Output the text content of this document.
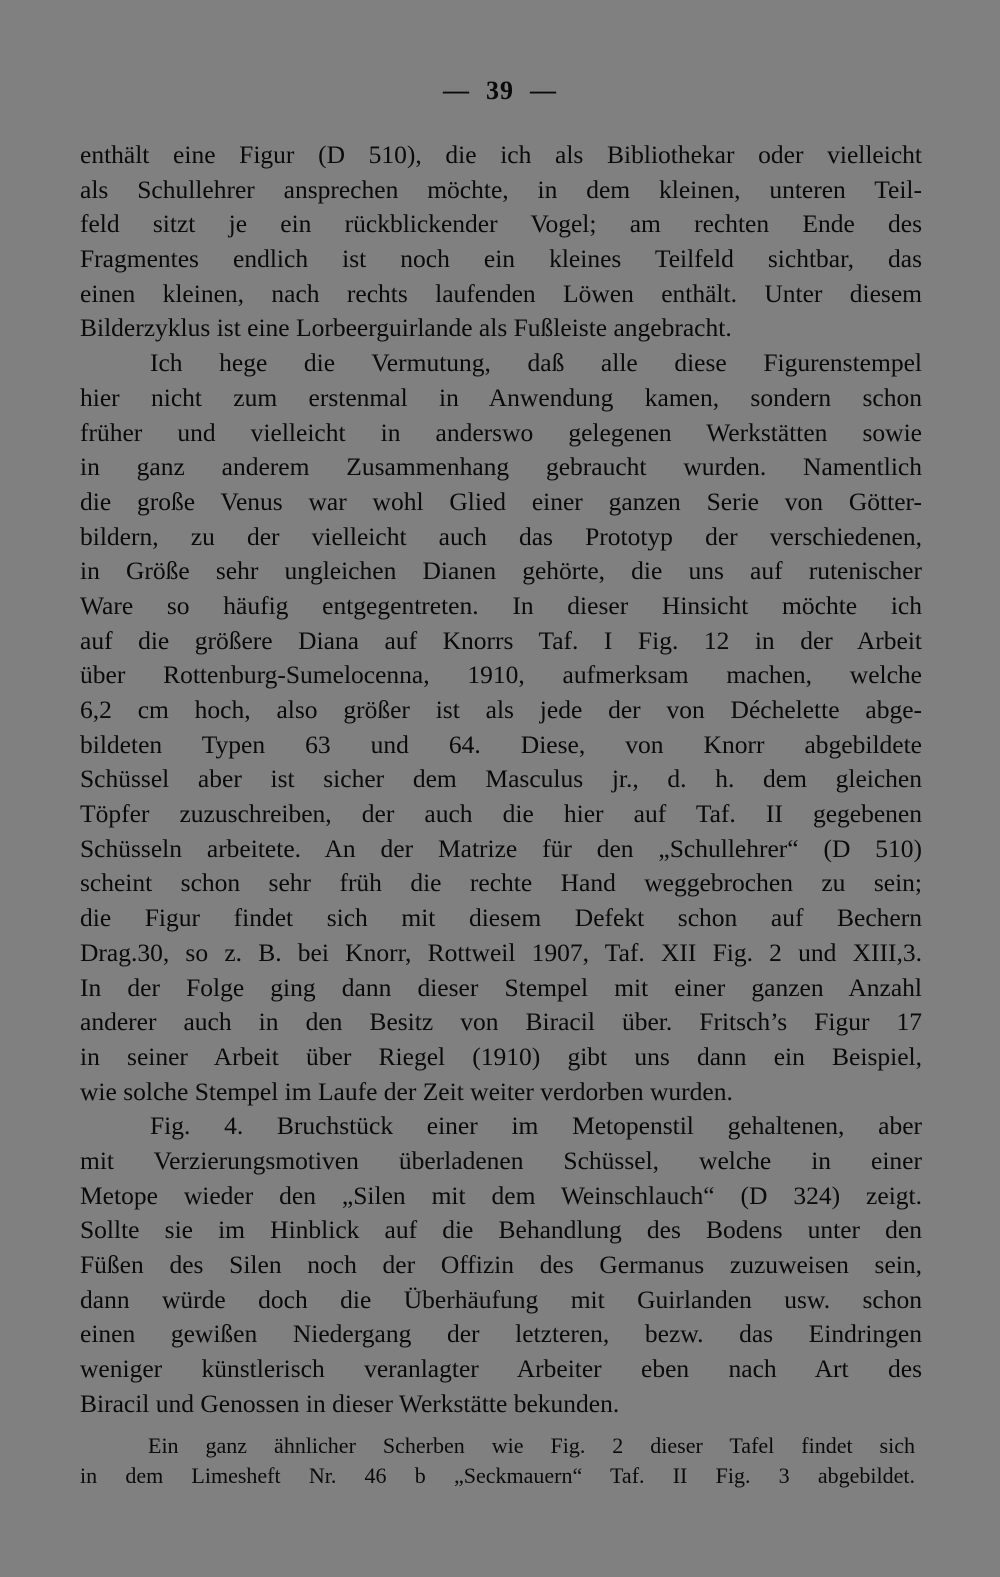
— 39 —
enthält eine Figur (D 510), die ich als Bibliothekar oder vielleicht
als Schullehrer ansprechen möchte, in dem kleinen, unteren Teil-
feld sitzt je ein rückblickender Vogel; am rechten Ende des
Fragmentes endlich ist noch ein kleines Teilfeld sichtbar, das
einen kleinen, nach rechts laufenden Löwen enthält. Unter diesem
Bilderzyklus ist eine Lorbeerguirlande als Fußleiste angebracht.
Ich hege die Vermutung, daß alle diese Figurenstempel
hier nicht zum erstenmal in Anwendung kamen, sondern schon
früher und vielleicht in anderswo gelegenen Werkstätten sowie
in ganz anderem Zusammenhang gebraucht wurden. Namentlich
die große Venus war wohl Glied einer ganzen Serie von Götter-
bildern, zu der vielleicht auch das Prototyp der verschiedenen,
in Größe sehr ungleichen Dianen gehörte, die uns auf rutenischer
Ware so häufig entgegentreten. In dieser Hinsicht möchte ich
auf die größere Diana auf Knorrs Taf. I Fig. 12 in der Arbeit
über Rottenburg-Sumelocenna, 1910, aufmerksam machen, welche
6,2 cm hoch, also größer ist als jede der von Déchelette abge-
bildeten Typen 63 und 64. Diese, von Knorr abgebildete
Schüssel aber ist sicher dem Masculus jr., d. h. dem gleichen
Töpfer zuzuschreiben, der auch die hier auf Taf. II gegebenen
Schüsseln arbeitete. An der Matrize für den „Schullehrer“ (D 510)
scheint schon sehr früh die rechte Hand weggebrochen zu sein;
die Figur findet sich mit diesem Defekt schon auf Bechern
Drag.30, so z. B. bei Knorr, Rottweil 1907, Taf. XII Fig. 2 und XIII,3.
In der Folge ging dann dieser Stempel mit einer ganzen Anzahl
anderer auch in den Besitz von Biracil über. Fritsch’s Figur 17
in seiner Arbeit über Riegel (1910) gibt uns dann ein Beispiel,
wie solche Stempel im Laufe der Zeit weiter verdorben wurden.
Fig. 4. Bruchstück einer im Metopenstil gehaltenen, aber
mit Verzierungsmotiven überladenen Schüssel, welche in einer
Metope wieder den „Silen mit dem Weinschlauch“ (D 324) zeigt.
Sollte sie im Hinblick auf die Behandlung des Bodens unter den
Füßen des Silen noch der Offizin des Germanus zuzuweisen sein,
dann würde doch die Überhäufung mit Guirlanden usw. schon
einen gewißen Niedergang der letzteren, bezw. das Eindringen
weniger künstlerisch veranlagter Arbeiter eben nach Art des
Biracil und Genossen in dieser Werkstätte bekunden.
Ein ganz ähnlicher Scherben wie Fig. 2 dieser Tafel findet sich
in dem Limesheft Nr. 46 b „Seckmauern“ Taf. II Fig. 3 abgebildet.
